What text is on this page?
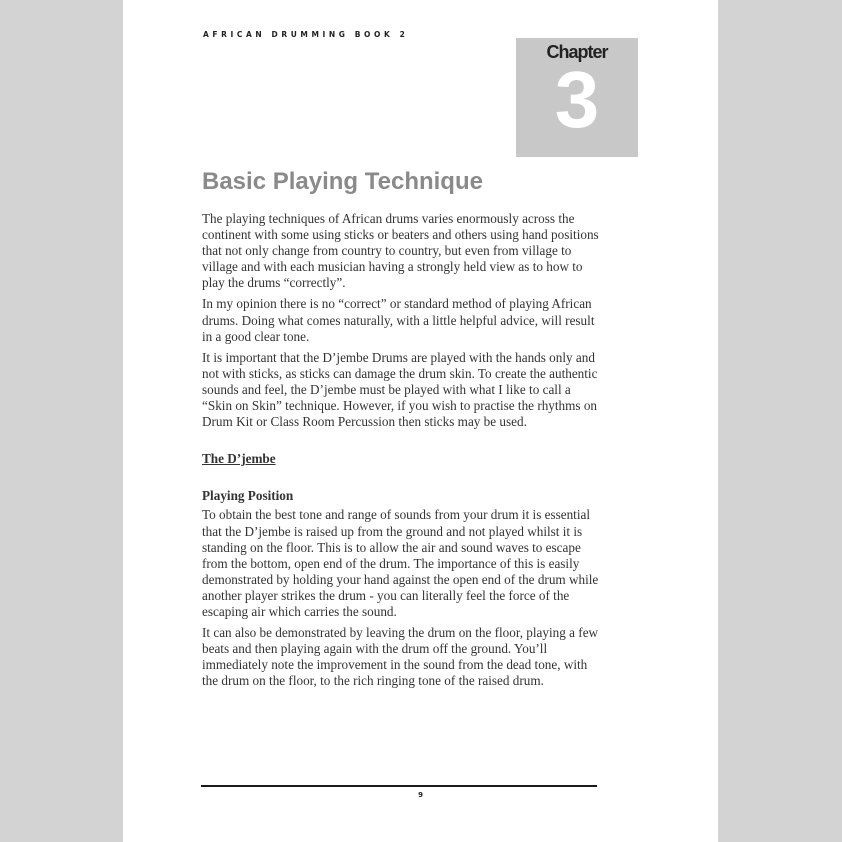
AFRICAN DRUMMING BOOK 2
Chapter
3
Basic Playing Technique

The playing techniques of African drums varies enormously across the continent with some using sticks or beaters and others using hand positions that not only change from country to country, but even from village to village and with each musician having a strongly held view as to how to play the drums “correctly”.

In my opinion there is no “correct” or standard method of playing African drums. Doing what comes naturally, with a little helpful advice, will result in a good clear tone.

It is important that the D’jembe Drums are played with the hands only and not with sticks, as sticks can damage the drum skin. To create the authentic sounds and feel, the D’jembe must be played with what I like to call a “Skin on Skin” technique. However, if you wish to practise the rhythms on Drum Kit or Class Room Percussion then sticks may be used.

The D’jembe

Playing Position

To obtain the best tone and range of sounds from your drum it is essential that the D’jembe is raised up from the ground and not played whilst it is standing on the floor. This is to allow the air and sound waves to escape from the bottom, open end of the drum. The importance of this is easily demonstrated by holding your hand against the open end of the drum while another player strikes the drum - you can literally feel the force of the escaping air which carries the sound.

It can also be demonstrated by leaving the drum on the floor, playing a few beats and then playing again with the drum off the ground. You’ll immediately note the improvement in the sound from the dead tone, with the drum on the floor, to the rich ringing tone of the raised drum.

9
